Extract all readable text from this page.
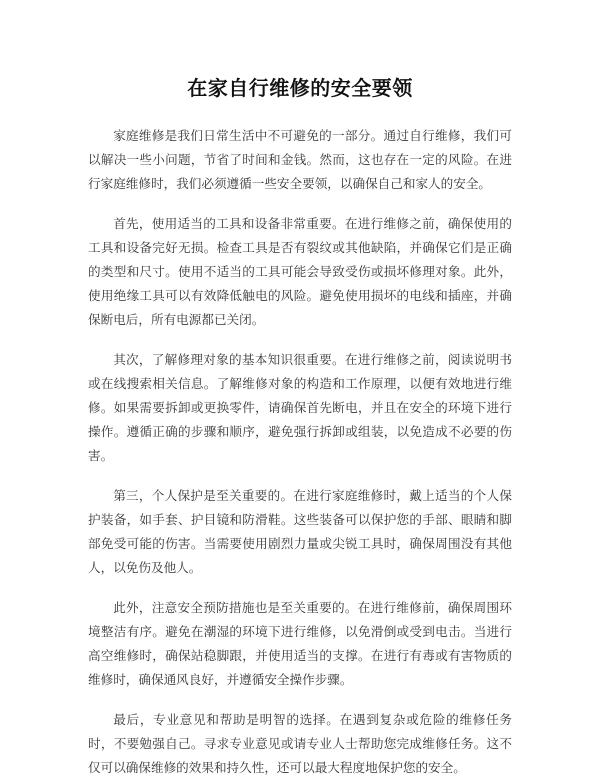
在家自行维修的安全要领

家庭维修是我们日常生活中不可避免的一部分。通过自行维修，我们可以解决一些小问题，节省了时间和金钱。然而，这也存在一定的风险。在进行家庭维修时，我们必须遵循一些安全要领，以确保自己和家人的安全。

首先，使用适当的工具和设备非常重要。在进行维修之前，确保使用的工具和设备完好无损。检查工具是否有裂纹或其他缺陷，并确保它们是正确的类型和尺寸。使用不适当的工具可能会导致受伤或损坏修理对象。此外，使用绝缘工具可以有效降低触电的风险。避免使用损坏的电线和插座，并确保断电后，所有电源都已关闭。

其次，了解修理对象的基本知识很重要。在进行维修之前，阅读说明书或在线搜索相关信息。了解维修对象的构造和工作原理，以便有效地进行维修。如果需要拆卸或更换零件，请确保首先断电，并且在安全的环境下进行操作。遵循正确的步骤和顺序，避免强行拆卸或组装，以免造成不必要的伤害。

第三，个人保护是至关重要的。在进行家庭维修时，戴上适当的个人保护装备，如手套、护目镜和防滑鞋。这些装备可以保护您的手部、眼睛和脚部免受可能的伤害。当需要使用剧烈力量或尖锐工具时，确保周围没有其他人，以免伤及他人。

此外，注意安全预防措施也是至关重要的。在进行维修前，确保周围环境整洁有序。避免在潮湿的环境下进行维修，以免滑倒或受到电击。当进行高空维修时，确保站稳脚跟，并使用适当的支撑。在进行有毒或有害物质的维修时，确保通风良好，并遵循安全操作步骤。

最后，专业意见和帮助是明智的选择。在遇到复杂或危险的维修任务时，不要勉强自己。寻求专业意见或请专业人士帮助您完成维修任务。这不仅可以确保维修的效果和持久性，还可以最大程度地保护您的安全。
